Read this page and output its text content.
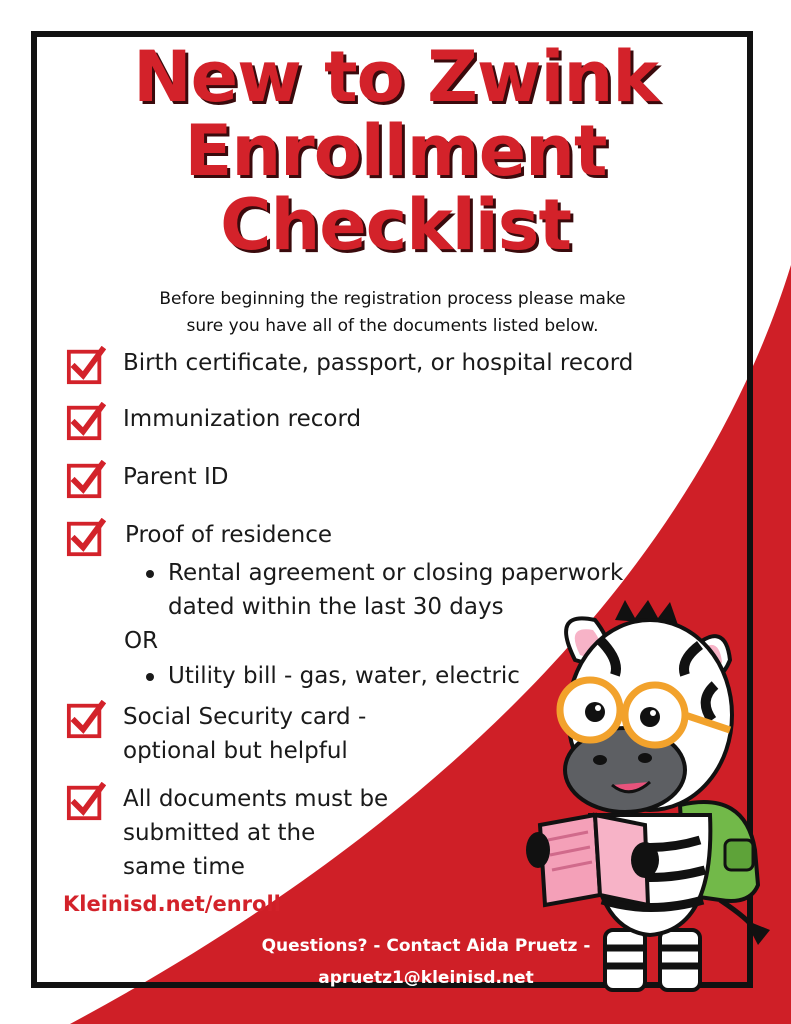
New to Zwink
Enrollment
Checklist
Before beginning the registration process please make
sure you have all of the documents listed below.
Birth certificate, passport, or hospital record
Immunization record
Parent ID
Proof of residence
Rental agreement or closing paperwork
dated within the last 30 days
OR
Utility bill - gas, water, electric
Social Security card -
optional but helpful
All documents must be
submitted at the
same time
Kleinisd.net/enroll
Questions? - Contact Aida Pruetz -
apruetz1@kleinisd.net
